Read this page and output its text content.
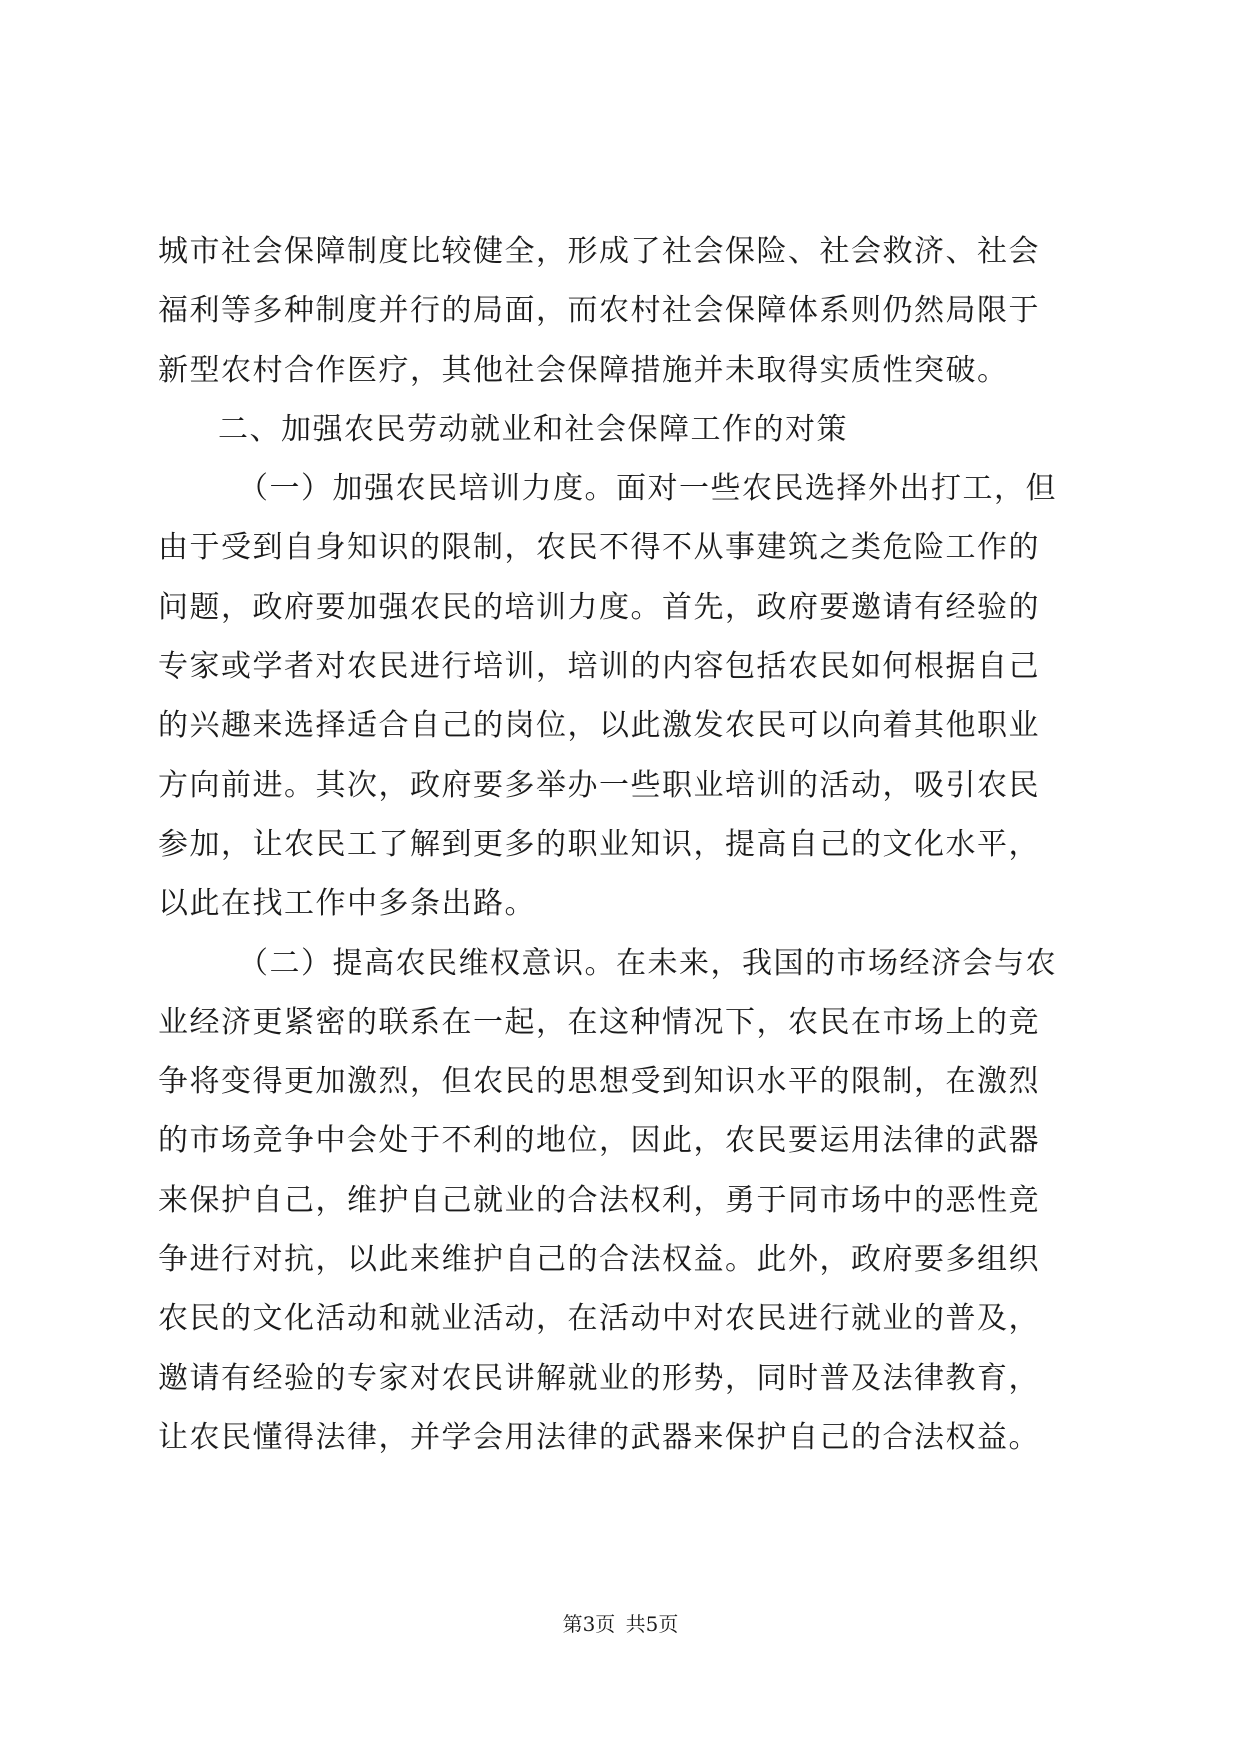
城市社会保障制度比较健全，形成了社会保险、社会救济、社会
福利等多种制度并行的局面，而农村社会保障体系则仍然局限于
新型农村合作医疗，其他社会保障措施并未取得实质性突破。
二、加强农民劳动就业和社会保障工作的对策
（一）加强农民培训力度。面对一些农民选择外出打工，但
由于受到自身知识的限制，农民不得不从事建筑之类危险工作的
问题，政府要加强农民的培训力度。首先，政府要邀请有经验的
专家或学者对农民进行培训，培训的内容包括农民如何根据自己
的兴趣来选择适合自己的岗位，以此激发农民可以向着其他职业
方向前进。其次，政府要多举办一些职业培训的活动，吸引农民
参加，让农民工了解到更多的职业知识，提高自己的文化水平，
以此在找工作中多条出路。
（二）提高农民维权意识。在未来，我国的市场经济会与农
业经济更紧密的联系在一起，在这种情况下，农民在市场上的竞
争将变得更加激烈，但农民的思想受到知识水平的限制，在激烈
的市场竞争中会处于不利的地位，因此，农民要运用法律的武器
来保护自己，维护自己就业的合法权利，勇于同市场中的恶性竞
争进行对抗，以此来维护自己的合法权益。此外，政府要多组织
农民的文化活动和就业活动，在活动中对农民进行就业的普及，
邀请有经验的专家对农民讲解就业的形势，同时普及法律教育，
让农民懂得法律，并学会用法律的武器来保护自己的合法权益。
第3页 共5页
